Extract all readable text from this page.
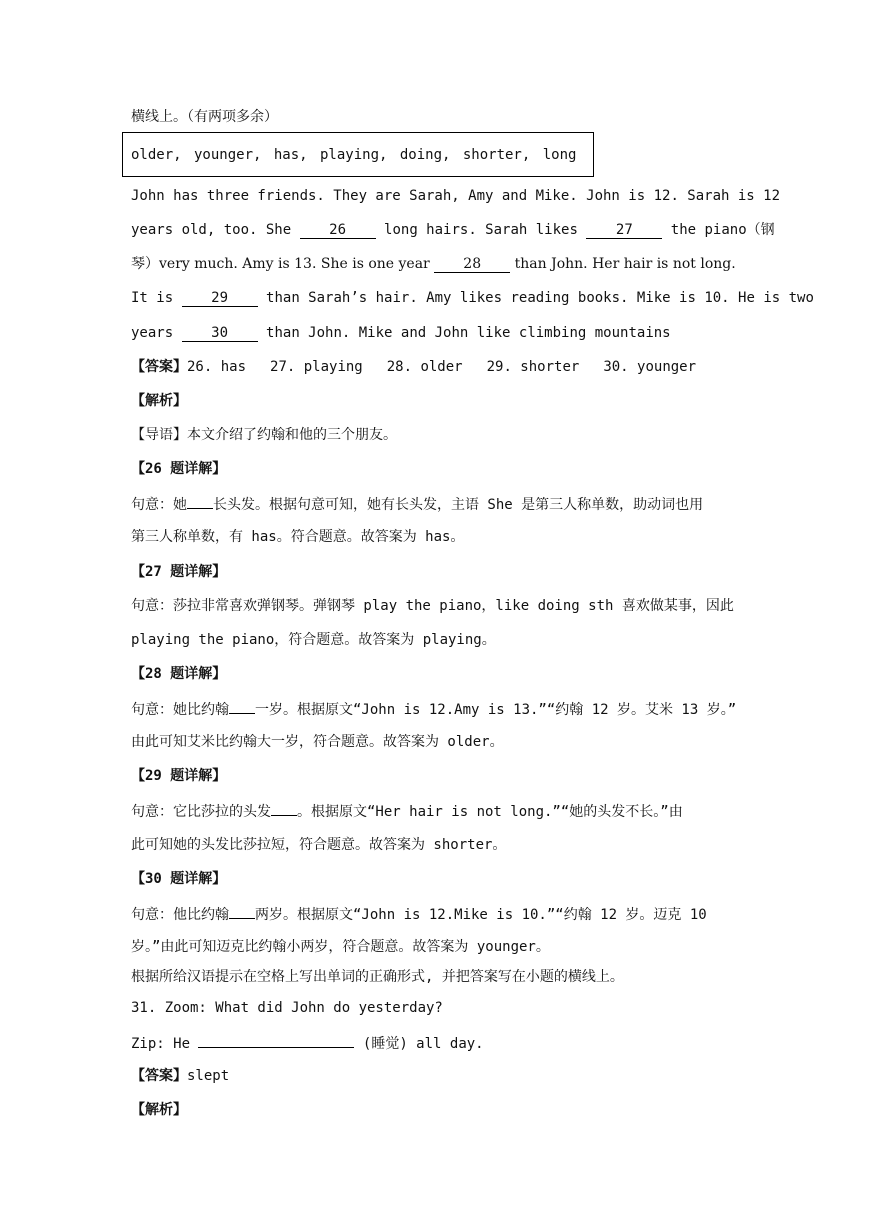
横线上。（有两项多余）
older, younger, has, playing, doing, shorter, long
John has three friends. They are Sarah, Amy and Mike. John is 12. Sarah is 12
years old, too. She	26	long hairs. Sarah likes	27	the piano（钢
琴）very much. Amy is 13. She is one year 28 than John. Her hair is not long.
It is	29	than Sarah’s hair. Amy likes reading books. Mike is 10. He is two
years	30	than John. Mike and John like climbing mountains
【答案】26. has 27. playing 28. older 29. shorter 30. younger
【解析】
【导语】本文介绍了约翰和他的三个朋友。
【26 题详解】
句意：她 长头发。根据句意可知，她有长头发，主语 She 是第三人称单数，助动词也用
第三人称单数，有 has。符合题意。故答案为 has。
【27 题详解】
句意：莎拉非常喜欢弹钢琴。弹钢琴 play the piano，like doing sth 喜欢做某事，因此
playing the piano，符合题意。故答案为 playing。
【28 题详解】
句意：她比约翰 一岁。根据原文“John is 12.Amy is 13.”“约翰 12 岁。艾米 13 岁。”
由此可知艾米比约翰大一岁，符合题意。故答案为 older。
【29 题详解】
句意：它比莎拉的头发 。根据原文“Her hair is not long.”“她的头发不长。”由
此可知她的头发比莎拉短，符合题意。故答案为 shorter。
【30 题详解】
句意：他比约翰 两岁。根据原文“John is 12.Mike is 10.”“约翰 12 岁。迈克 10
岁。”由此可知迈克比约翰小两岁，符合题意。故答案为 younger。
根据所给汉语提示在空格上写出单词的正确形式, 并把答案写在小题的横线上。
31. Zoom: What did John do yesterday?
Zip: He	(睡觉) all day.
【答案】slept
【解析】
